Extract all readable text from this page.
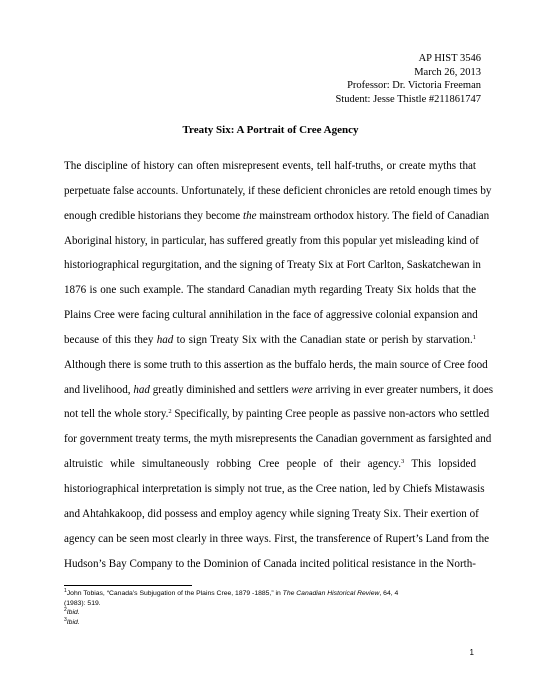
AP HIST 3546
March 26, 2013
Professor: Dr. Victoria Freeman
Student: Jesse Thistle #211861747
Treaty Six: A Portrait of Cree Agency
The discipline of history can often misrepresent events, tell half-truths, or create myths that
perpetuate false accounts. Unfortunately, if these deficient chronicles are retold enough times by
enough credible historians they become the mainstream orthodox history. The field of Canadian
Aboriginal history, in particular, has suffered greatly from this popular yet misleading kind of
historiographical regurgitation, and the signing of Treaty Six at Fort Carlton, Saskatchewan in
1876 is one such example. The standard Canadian myth regarding Treaty Six holds that the
Plains Cree were facing cultural annihilation in the face of aggressive colonial expansion and
because of this they had to sign Treaty Six with the Canadian state or perish by starvation.$^1$
Although there is some truth to this assertion as the buffalo herds, the main source of Cree food
and livelihood, had greatly diminished and settlers were arriving in ever greater numbers, it does
not tell the whole story.$^2$ Specifically, by painting Cree people as passive non-actors who settled
for government treaty terms, the myth misrepresents the Canadian government as farsighted and
altruistic while simultaneously robbing Cree people of their agency.$^3$ This lopsided
historiographical interpretation is simply not true, as the Cree nation, led by Chiefs Mistawasis
and Ahtahkakoop, did possess and employ agency while signing Treaty Six. Their exertion of
agency can be seen most clearly in three ways. First, the transference of Rupert’s Land from the
Hudson’s Bay Company to the Dominion of Canada incited political resistance in the North-
$^1$John Tobias, “Canada’s Subjugation of the Plains Cree, 1879 -1885,” in The Canadian Historical Review, 64, 4
(1983): 519.
$^2$Ibid.
$^3$Ibid.
1
